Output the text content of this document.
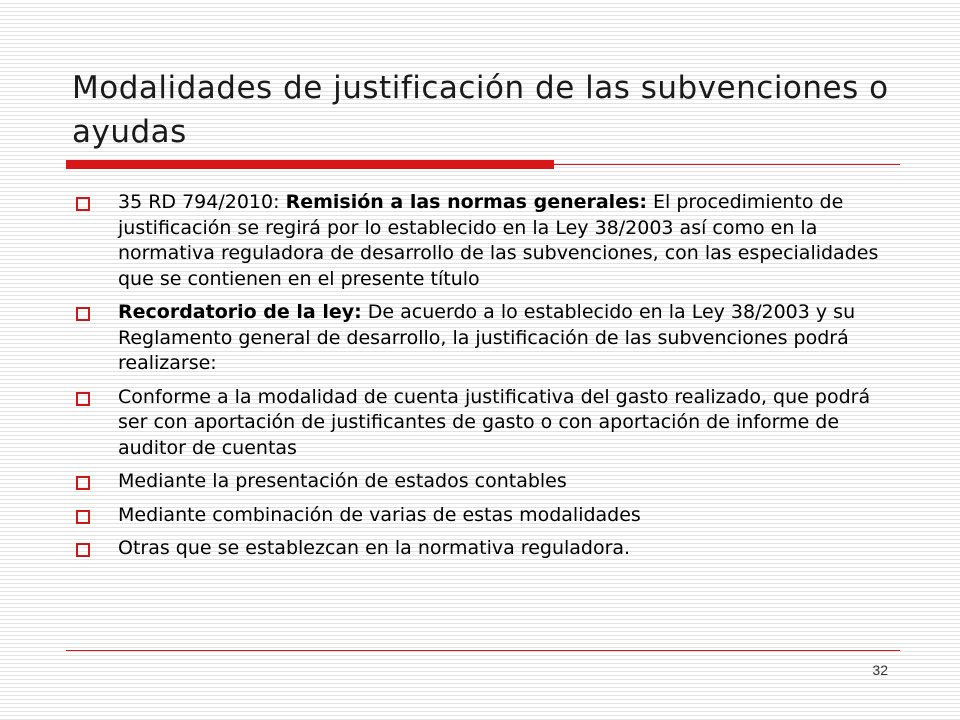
Modalidades de justificación de las subvenciones o ayudas
35 RD 794/2010: Remisión a las normas generales: El procedimiento de justificación se regirá por lo establecido en la Ley 38/2003 así como en la normativa reguladora de desarrollo de las subvenciones, con las especialidades que se contienen en el presente título
Recordatorio de la ley: De acuerdo a lo establecido en la Ley 38/2003 y su Reglamento general de desarrollo, la justificación de las subvenciones podrá realizarse:
Conforme a la modalidad de cuenta justificativa del gasto realizado, que podrá ser con aportación de justificantes de gasto o con aportación de informe de auditor de cuentas
Mediante la presentación de estados contables
Mediante combinación de varias de estas modalidades
Otras que se establezcan en la normativa reguladora.
32
